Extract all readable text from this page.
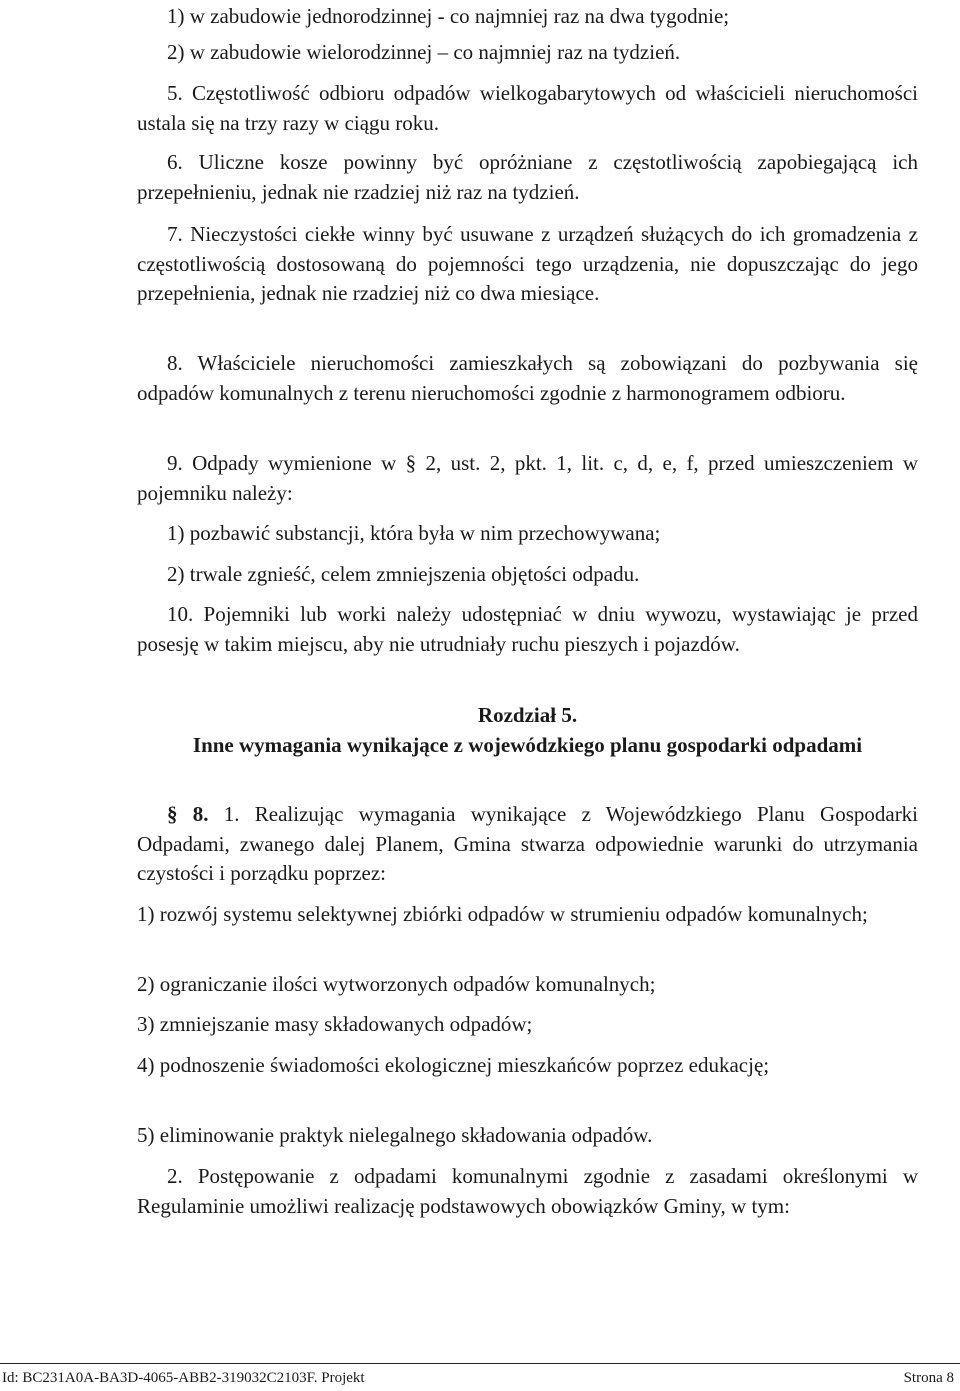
1) w zabudowie jednorodzinnej - co najmniej raz na dwa tygodnie;

2) w zabudowie wielorodzinnej – co najmniej raz na tydzień.

5. Częstotliwość odbioru odpadów wielkogabarytowych od właścicieli nieruchomości ustala się na trzy razy w ciągu roku.

6. Uliczne kosze powinny być opróżniane z częstotliwością zapobiegającą ich przepełnieniu, jednak nie rzadziej niż raz na tydzień.

7. Nieczystości ciekłe winny być usuwane z urządzeń służących do ich gromadzenia z częstotliwością dostosowaną do pojemności tego urządzenia, nie dopuszczając do jego przepełnienia, jednak nie rzadziej niż co dwa miesiące.

8. Właściciele nieruchomości zamieszkałych są zobowiązani do pozbywania się odpadów komunalnych z terenu nieruchomości zgodnie z harmonogramem odbioru.

9. Odpady wymienione w § 2, ust. 2, pkt. 1, lit. c, d, e, f, przed umieszczeniem w pojemniku należy:

1) pozbawić substancji, która była w nim przechowywana;

2) trwale zgnieść, celem zmniejszenia objętości odpadu.

10. Pojemniki lub worki należy udostępniać w dniu wywozu, wystawiając je przed posesję w takim miejscu, aby nie utrudniały ruchu pieszych i pojazdów.

Rozdział 5.

Inne wymagania wynikające z wojewódzkiego planu gospodarki odpadami

§ 8. 1. Realizując wymagania wynikające z Wojewódzkiego Planu Gospodarki Odpadami, zwanego dalej Planem, Gmina stwarza odpowiednie warunki do utrzymania czystości i porządku poprzez:

1) rozwój systemu selektywnej zbiórki odpadów w strumieniu odpadów komunalnych;

2) ograniczanie ilości wytworzonych odpadów komunalnych;

3) zmniejszanie masy składowanych odpadów;

4) podnoszenie świadomości ekologicznej mieszkańców poprzez edukację;

5) eliminowanie praktyk nielegalnego składowania odpadów.

2. Postępowanie z odpadami komunalnymi zgodnie z zasadami określonymi w Regulaminie umożliwi realizację podstawowych obowiązków Gminy, w tym:

Id: BC231A0A-BA3D-4065-ABB2-319032C2103F. Projekt	Strona 8
